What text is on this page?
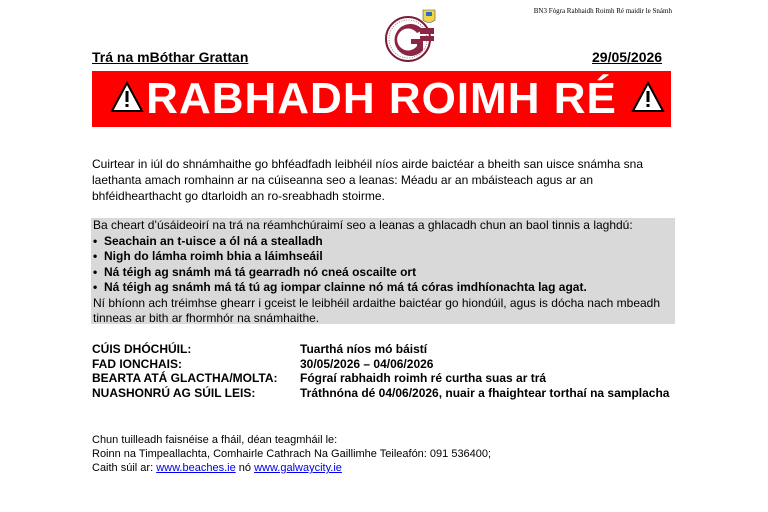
BN3 Fógra Rabhaidh Roimh Ré maidir le Snámh
Trá na mBóthar Grattan	29/05/2026
RABHADH ROIMH RÉ

Cuirtear in iúl do shnámhaithe go bhféadfadh leibhéil níos airde baictéar a bheith san uisce snámha sna laethanta amach romhainn ar na cúiseanna seo a leanas: Méadu ar an mbáisteach agus ar an bhféidhearthacht go dtarloidh an ro-sreabhadh stoirme.

Ba cheart d’úsáideoirí na trá na réamhchúraimí seo a leanas a ghlacadh chun an baol tinnis a laghdú:

• Seachain an t-uisce a ól ná a stealladh
• Nigh do lámha roimh bhia a láimhseáil
• Ná téigh ag snámh má tá gearradh nó cneá oscailte ort
• Ná téigh ag snámh má tá tú ag iompar clainne nó má tá córas imdhíonachta lag agat.

Ní bhíonn ach tréimhse ghearr i gceist le leibhéil ardaithe baictéar go hiondúil, agus is dócha nach mbeadh tinneas ar bith ar fhormhór na snámhaithe.

CÚIS DHÓCHÚIL:	Tuarthá níos mó báistí
FAD IONCHAIS:	30/05/2026 – 04/06/2026
BEARTA ATÁ GLACTHA/MOLTA:	Fógraí rabhaidh roimh ré curtha suas ar trá
NUASHONRÚ AG SÚIL LEIS:	Tráthnóna dé 04/06/2026, nuair a fhaightear torthaí na samplacha
Chun tuilleadh faisnéise a fháil, déan teagmháil le:
Roinn na Timpeallachta, Comhairle Cathrach Na Gaillimhe Teileafón: 091 536400;
Caith súil ar: www.beaches.ie nó www.galwaycity.ie
